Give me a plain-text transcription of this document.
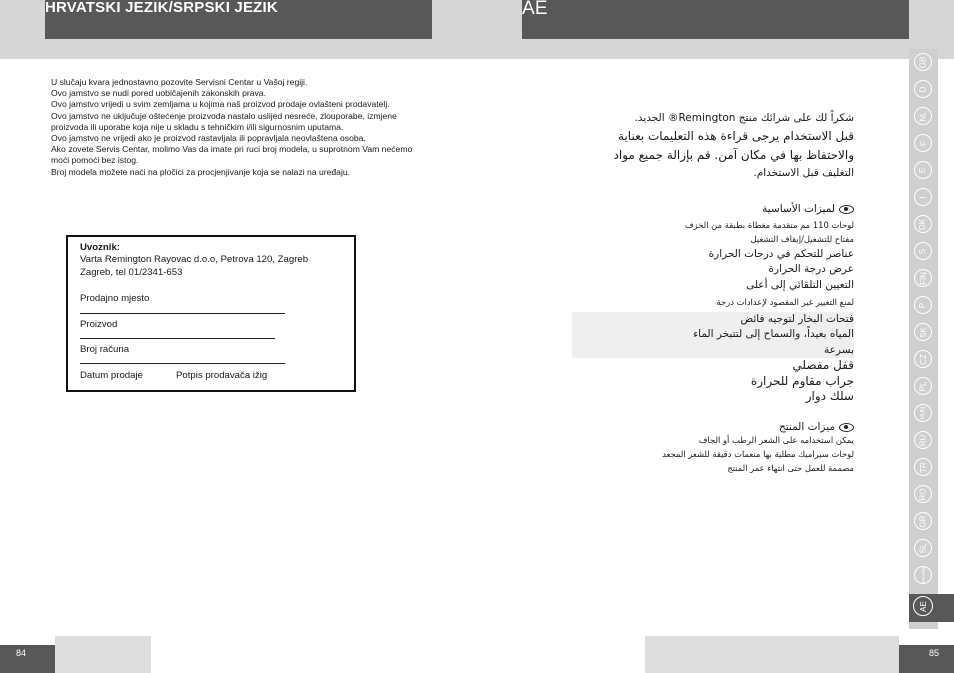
HRVATSKI JEZIK/SRPSKI JEZIK	AE

U slučaju kvara jednostavno pozovite Servisni Centar u Vašoj regiji.

Ovo jamstvo se nudi pored uobičajenih zakonskih prava.

Ovo jamstvo vrijedi u svim zemljama u kojima naš proizvod prodaje ovlašteni prodavatelj.

Ovo jamstvo ne uključuje oštećenje proizvoda nastalo uslijed nesreće, zlouporabe, izmjene proizvoda ili uporabe koja nije u skladu s tehničkim i/ili sigurnosnim uputama.

Ovo jamstvo ne vrijedi ako je proizvod rastavljala ili popravljala neovlaštena osoba.

Ako zovete Servis Centar, molimo Vas da imate pri ruci broj modela, u suprotnom Vam nećemo moći pomoći bez istog.

Broj modela možete naći na pločici za procjenjivanje koja se nalazi na uređaju.

Uvoznik:
Varta Remington Rayovac d.o.o, Petrova 120, Zagreb
Zagreb, tel 01/2341-653
Prodajno mjesto
Proizvod
Broj računa
Datum prodaje	Potpis prodavača ižig
شكراً لك على شرائك منتج Remington® الجديد.
قبل الاستخدام يرجى قراءة هذه التعليمات بعناية
والاحتفاظ بها في مكان آمن. قم بإزالة جميع مواد
التغليف قبل الاستخدام.
لميزات الأساسية
لوحات 110 مم متقدمة مغطاة بطبقة من الخزف
مفتاح للتشغيل/إيقاف التشغيل
عناصر للتحكم في درجات الحرارة
عرض درجة الحرارة
التعيين التلقائي إلى أعلى
لمنع التغيير غير المقصود لإعدادات درجة
فتحات البخار لتوجيه فائض
المياه بعيداً، والسماح إلى لتتبخر الماء
بسرعة
قفل مفصلي
جراب مقاوم للحرارة
سلك دوار
ميزات المنتج
يمكن استخدامه على الشعر الرطب أو الجاف
لوحات سيراميك مطلية بها منعمات دقيقة للشعر المجعد
مصممة للعمل حتى انتهاء عمر المنتج
GB
D
NL
F
E
I
DK
S
FIN
P
SK
CZ
PL
HUN
RU
TR
RO
GR
SL
HR/SRB
AE
84	85
